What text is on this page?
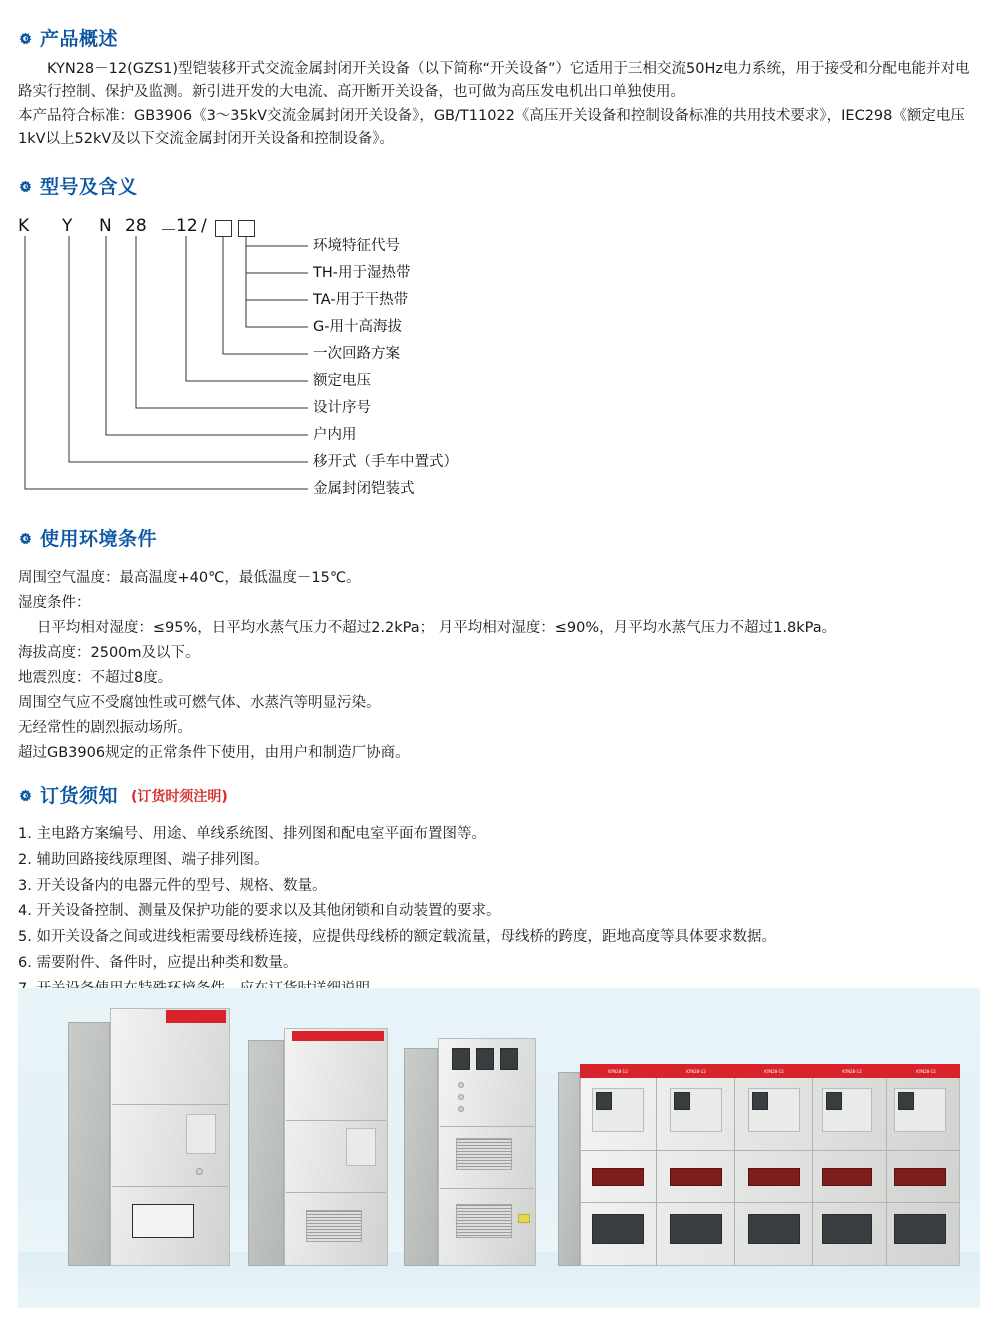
产品概述
KYN28－12(GZS1)型铠装移开式交流金属封闭开关设备（以下简称“开关设备”）它适用于三相交流50Hz电力系统，用于接受和分配电能并对电路实行控制、保护及监测。新引进开发的大电流、高开断开关设备，也可做为高压发电机出口单独使用。
本产品符合标准：GB3906《3～35kV交流金属封闭开关设备》，GB/T11022《高压开关设备和控制设备标准的共用技术要求》，IEC298《额定电压1kV以上52kV及以下交流金属封闭开关设备和控制设备》。
型号及含义
K Y N 28 － 12 /
环境特征代号
TH-用于湿热带
TA-用于干热带
G-用十高海拔
一次回路方案
额定电压
设计序号
户内用
移开式（手车中置式）
金属封闭铠装式
使用环境条件
周围空气温度：最高温度+40℃，最低温度－15℃。
湿度条件：
日平均相对湿度：≤95%，日平均水蒸气压力不超过2.2kPa； 月平均相对湿度：≤90%，月平均水蒸气压力不超过1.8kPa。
海拔高度：2500m及以下。
地震烈度：不超过8度。
周围空气应不受腐蚀性或可燃气体、水蒸汽等明显污染。
无经常性的剧烈振动场所。
超过GB3906规定的正常条件下使用，由用户和制造厂协商。
订货须知 (订货时须注明)
1. 主电路方案编号、用途、单线系统图、排列图和配电室平面布置图等。
2. 辅助回路接线原理图、端子排列图。
3. 开关设备内的电器元件的型号、规格、数量。
4. 开关设备控制、测量及保护功能的要求以及其他闭锁和自动装置的要求。
5. 如开关设备之间或进线柜需要母线桥连接，应提供母线桥的额定载流量，母线桥的跨度，距地高度等具体要求数据。
6. 需要附件、备件时，应提出种类和数量。
KYN28-12	KYN28-12	KYN28-12	KYN28-12	KYN28-12
